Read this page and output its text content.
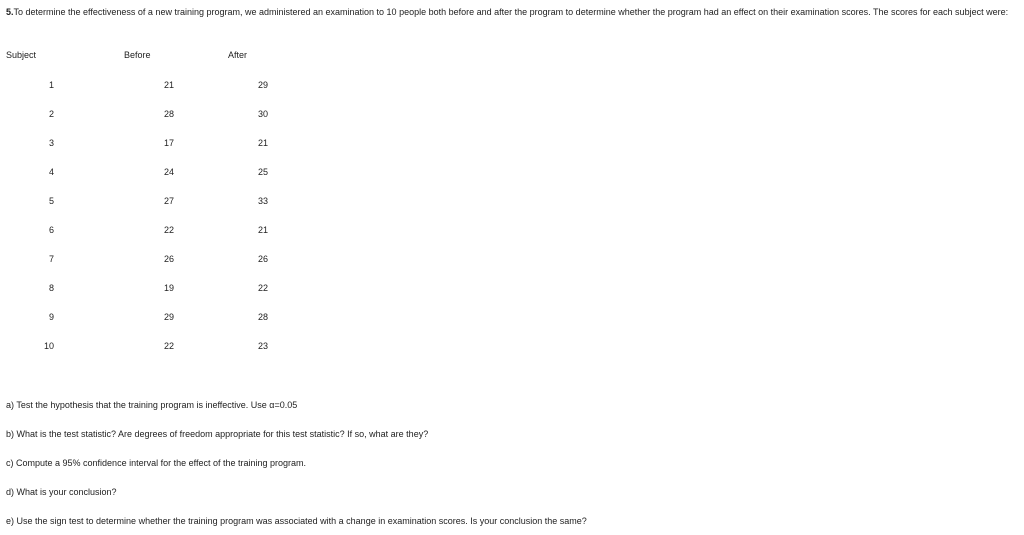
5.To determine the effectiveness of a new training program, we administered an examination to 10 people both before and after the program to determine whether the program had an effect on their examination scores. The scores for each subject were:
Subject	Before	After
1	21	29
2	28	30
3	17	21
4	24	25
5	27	33
6	22	21
7	26	26
8	19	22
9	29	28
10	22	23
a) Test the hypothesis that the training program is ineffective. Use α=0.05
b) What is the test statistic? Are degrees of freedom appropriate for this test statistic? If so, what are they?
c) Compute a 95% confidence interval for the effect of the training program.
d) What is your conclusion?
e) Use the sign test to determine whether the training program was associated with a change in examination scores. Is your conclusion the same?
